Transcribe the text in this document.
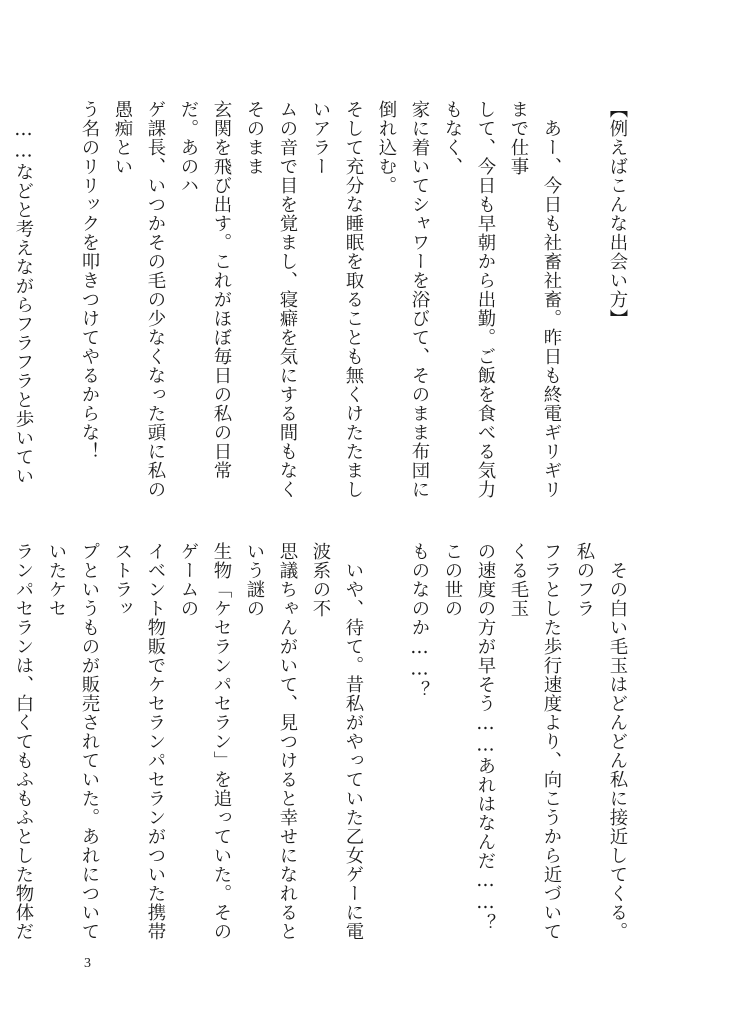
【例えばこんな出会い方】

　あー、今日も社畜社畜。昨日も終電ギリギリまで仕事
して、今日も早朝から出勤。ご飯を食べる気力もなく、
家に着いてシャワーを浴びて、そのまま布団に倒れ込む。
そして充分な睡眠を取ることも無くけたたましいアラー
ムの音で目を覚まし、寝癖を気にする間もなくそのまま
玄関を飛び出す。これがほぼ毎日の私の日常だ。あのハ
ゲ課長、いつかその毛の少なくなった頭に私の愚痴とい
う名のリリックを叩きつけてやるからな！

　……などと考えながらフラフラと歩いてい
　その白い毛玉はどんどん私に接近してくる。私のフラ
フラとした歩行速度より、向こうから近づいてくる毛玉
の速度の方が早そう……あれはなんだ……？　この世の
ものなのか……？

　いや、待て。昔私がやっていた乙女ゲーに電波系の不
思議ちゃんがいて、見つけると幸せになれるという謎の
生物「ケセランパセラン」を追っていた。そのゲームの
イベント物販でケセランパセランがついた携帯ストラッ
プというものが販売されていた。あれについていたケセ
ランパセランは、白くてもふもふとした物体だ
3
